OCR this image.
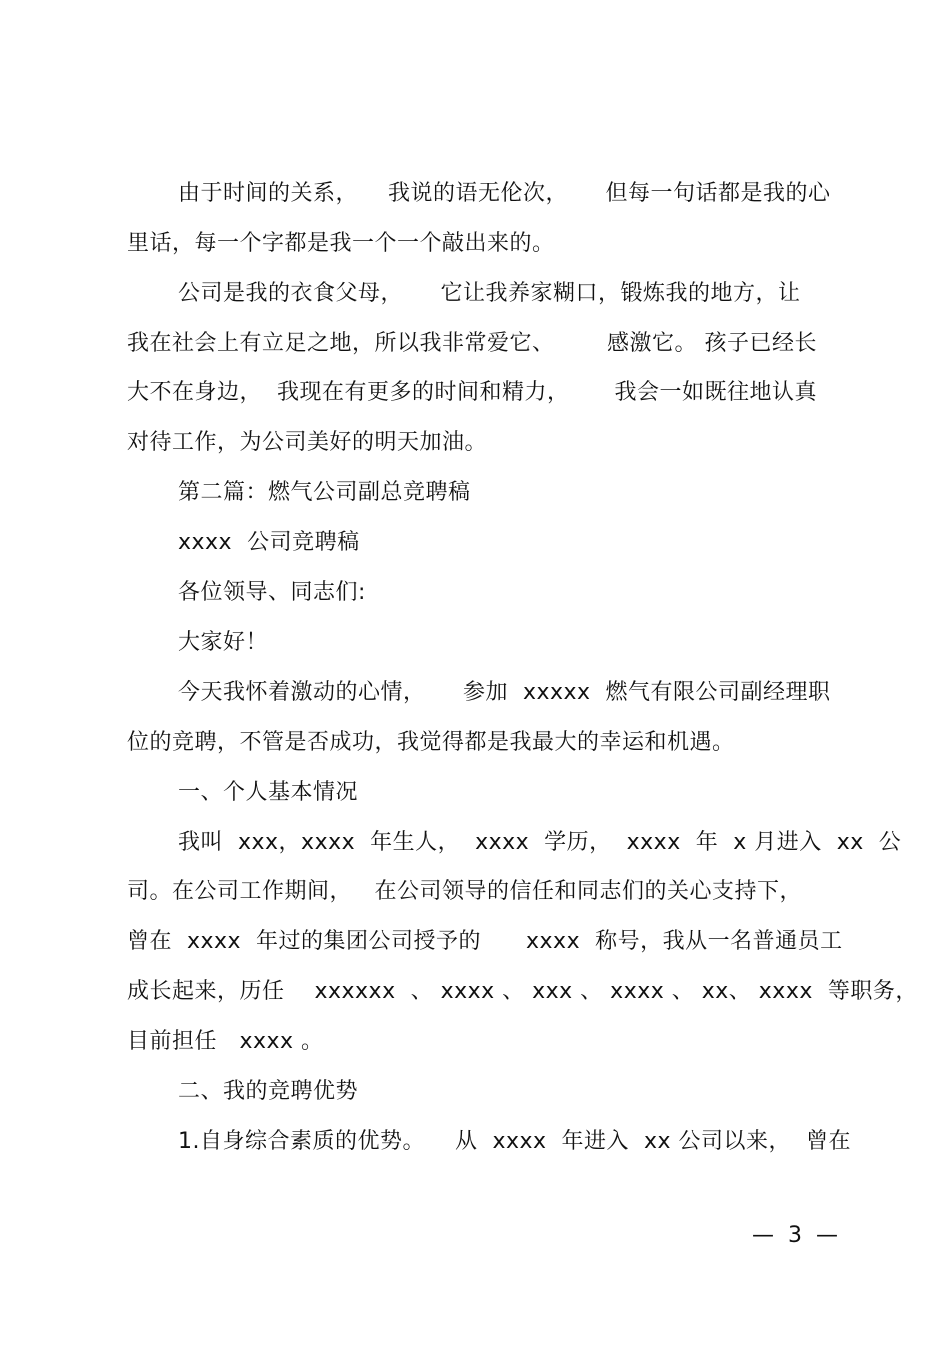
由于时间的关系，    我说的语无伦次，     但每一句话都是我的心
里话，每一个字都是我一个一个敲出来的。
公司是我的衣食父母，     它让我养家糊口，锻炼我的地方，让
我在社会上有立足之地，所以我非常爱它、       感激它。 孩子已经长
大不在身边，  我现在有更多的时间和精力，      我会一如既往地认真
对待工作，为公司美好的明天加油。
第二篇：燃气公司副总竞聘稿
xxxx  公司竞聘稿
各位领导、同志们:
大家好！
今天我怀着激动的心情，     参加  xxxxx  燃气有限公司副经理职
位的竞聘，不管是否成功，我觉得都是我最大的幸运和机遇。
一、个人基本情况
我叫  xxx，xxxx  年生人，  xxxx  学历，  xxxx  年  x 月进入  xx  公
司。在公司工作期间，   在公司领导的信任和同志们的关心支持下，
曾在  xxxx  年过的集团公司授予的      xxxx  称号，我从一名普通员工
成长起来，历任    xxxxxx  、 xxxx 、 xxx 、 xxxx 、 xx、 xxxx  等职务，
目前担任   xxxx 。
二、我的竞聘优势
1.自身综合素质的优势。    从  xxxx  年进入  xx 公司以来，  曾在
—  3  —
